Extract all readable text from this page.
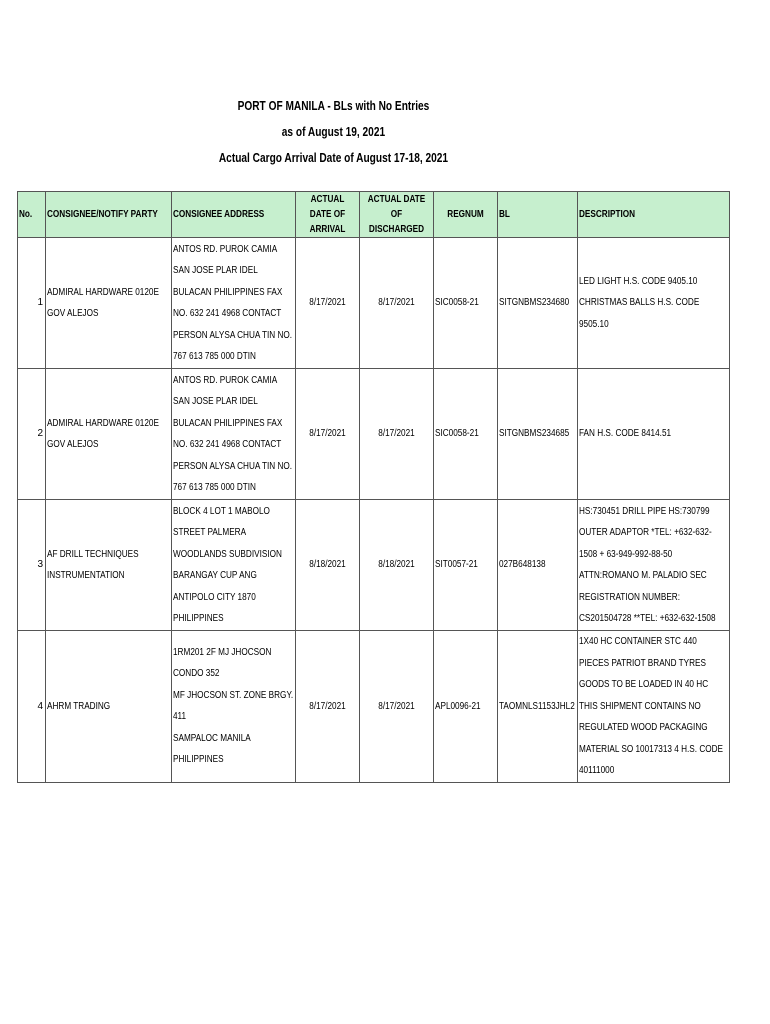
PORT OF MANILA - BLs with No Entries
as of August 19, 2021
Actual Cargo Arrival Date of August 17-18, 2021
No.	CONSIGNEE/NOTIFY PARTY	CONSIGNEE ADDRESS	ACTUAL DATE OF ARRIVAL	ACTUAL DATE OF DISCHARGED	REGNUM	BL	DESCRIPTION

1	ADMIRAL HARDWARE 0120E GOV ALEJOS	ANTOS RD. PUROK CAMIA SAN JOSE PLAR IDEL BULACAN PHILIPPINES FAX NO. 632 241 4968 CONTACT PERSON ALYSA CHUA TIN NO. 767 613 785 000 DTIN	8/17/2021	8/17/2021	SIC0058-21	SITGNBMS234680	LED LIGHT H.S. CODE 9405.10 CHRISTMAS BALLS H.S. CODE 9505.10

2	ADMIRAL HARDWARE 0120E GOV ALEJOS	ANTOS RD. PUROK CAMIA SAN JOSE PLAR IDEL BULACAN PHILIPPINES FAX NO. 632 241 4968 CONTACT PERSON ALYSA CHUA TIN NO. 767 613 785 000 DTIN	8/17/2021	8/17/2021	SIC0058-21	SITGNBMS234685	FAN H.S. CODE 8414.51

3	AF DRILL TECHNIQUES INSTRUMENTATION	BLOCK 4 LOT 1 MABOLO STREET PALMERA WOODLANDS SUBDIVISION BARANGAY CUP ANG ANTIPOLO CITY 1870 PHILIPPINES	8/18/2021	8/18/2021	SIT0057-21	027B648138	HS:730451 DRILL PIPE HS:730799 OUTER ADAPTOR *TEL: +632-632-1508 + 63-949-992-88-50 ATTN:ROMANO M. PALADIO SEC REGISTRATION NUMBER: CS201504728 **TEL: +632-632-1508

4	AHRM TRADING	1RM201 2F MJ JHOCSON CONDO 352
MF JHOCSON ST. ZONE BRGY. 411
SAMPALOC MANILA
PHILIPPINES	8/17/2021	8/17/2021	APL0096-21	TAOMNLS1153JHL2	1X40 HC CONTAINER STC 440 PIECES PATRIOT BRAND TYRES GOODS TO BE LOADED IN 40 HC THIS SHIPMENT CONTAINS NO REGULATED WOOD PACKAGING MATERIAL SO 10017313 4 H.S. CODE 40111000
